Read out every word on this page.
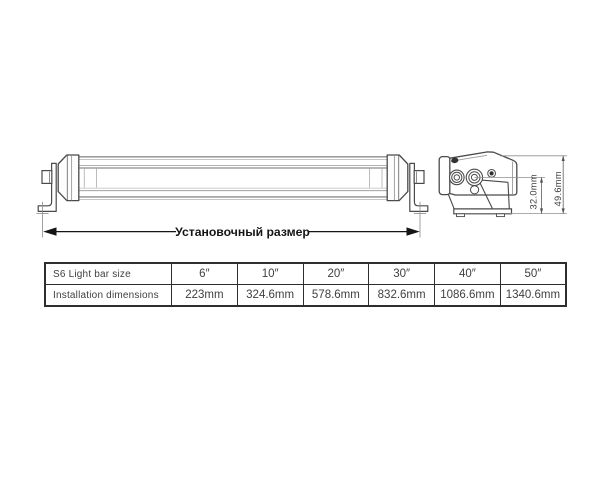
Установочный размер
32.0mm 49.6mm
S6 Light bar size	6″	10″	20″	30″	40″	50″
Installation dimensions	223mm	324.6mm	578.6mm	832.6mm	1086.6mm	1340.6mm
